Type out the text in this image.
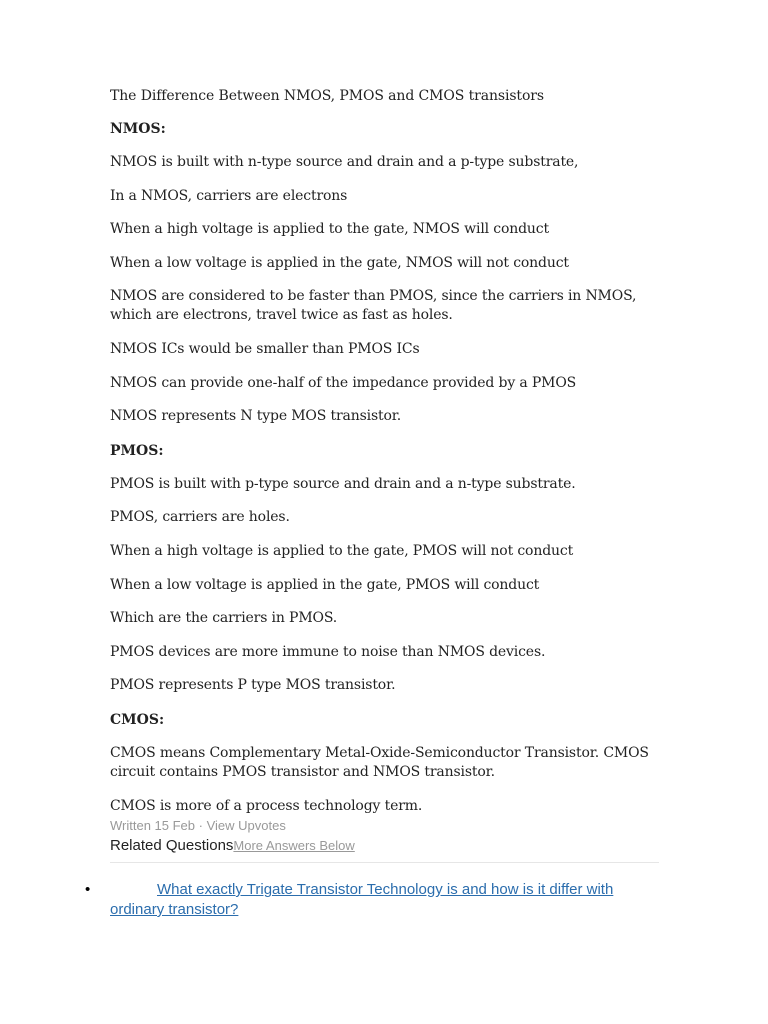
The Difference Between NMOS, PMOS and CMOS transistors

NMOS:

NMOS is built with n-type source and drain and a p-type substrate,

In a NMOS, carriers are electrons

When a high voltage is applied to the gate, NMOS will conduct

When a low voltage is applied in the gate, NMOS will not conduct

NMOS are considered to be faster than PMOS, since the carriers in NMOS, which are electrons, travel twice as fast as holes.

NMOS ICs would be smaller than PMOS ICs

NMOS can provide one-half of the impedance provided by a PMOS

NMOS represents N type MOS transistor.

PMOS:

PMOS is built with p-type source and drain and a n-type substrate.

PMOS, carriers are holes.

When a high voltage is applied to the gate, PMOS will not conduct

When a low voltage is applied in the gate, PMOS will conduct

Which are the carriers in PMOS.

PMOS devices are more immune to noise than NMOS devices.

PMOS represents P type MOS transistor.

CMOS:

CMOS means Complementary Metal-Oxide-Semiconductor Transistor. CMOS circuit contains PMOS transistor and NMOS transistor.

CMOS is more of a process technology term.

Written 15 Feb · View Upvotes
Related QuestionsMore Answers Below
•	What exactly Trigate Transistor Technology is and how is it differ with ordinary transistor?
